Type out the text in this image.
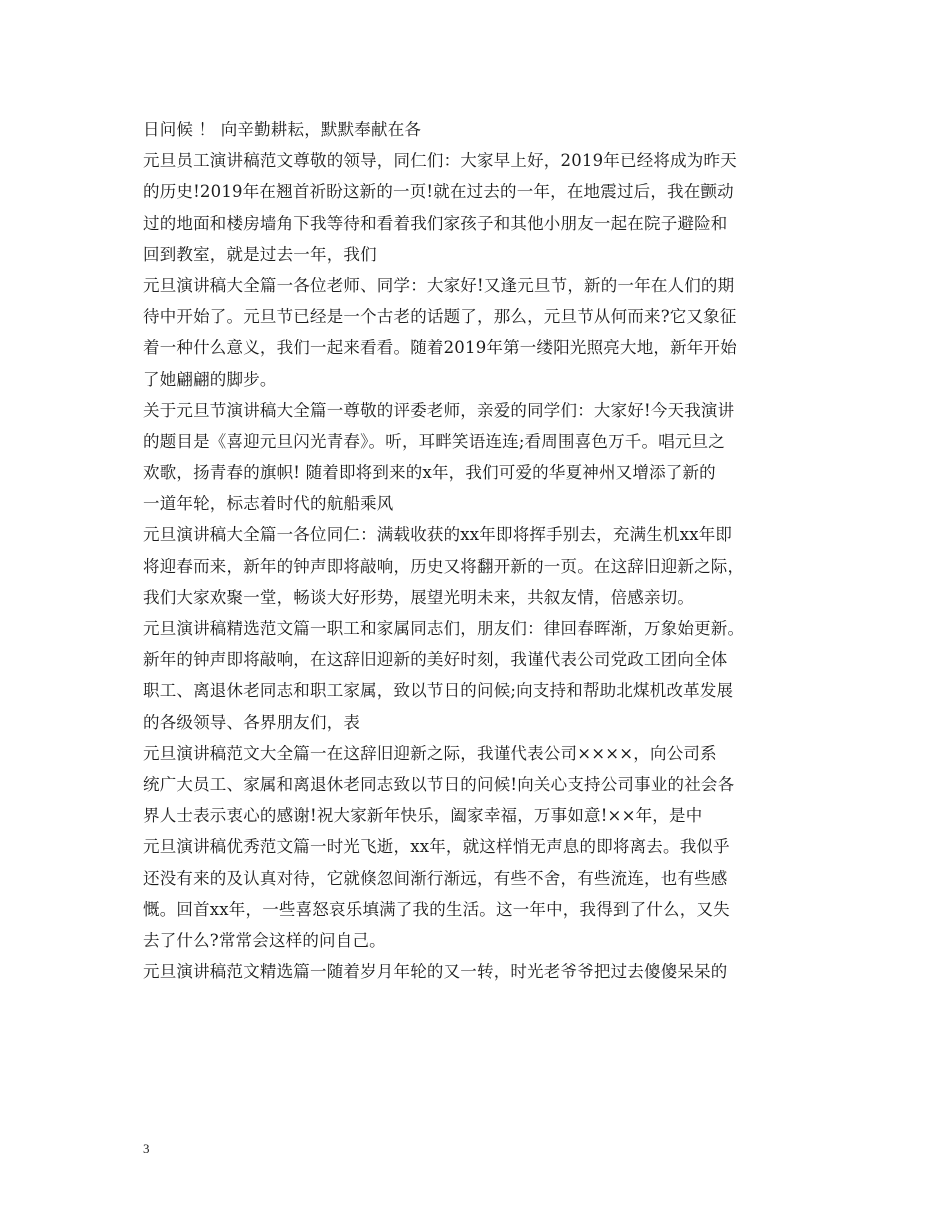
日问候 ！ 向辛勤耕耘，默默奉献在各
元旦员工演讲稿范文尊敬的领导，同仁们：大家早上好，2019年已经将成为昨天
的历史!2019年在翘首祈盼这新的一页!就在过去的一年，在地震过后，我在颤动
过的地面和楼房墙角下我等待和看着我们家孩子和其他小朋友一起在院子避险和
回到教室，就是过去一年，我们
元旦演讲稿大全篇一各位老师、同学：大家好!又逢元旦节，新的一年在人们的期
待中开始了。元旦节已经是一个古老的话题了，那么，元旦节从何而来?它又象征
着一种什么意义，我们一起来看看。随着2019年第一缕阳光照亮大地，新年开始
了她翩翩的脚步。
关于元旦节演讲稿大全篇一尊敬的评委老师，亲爱的同学们：大家好!今天我演讲
的题目是《喜迎元旦闪光青春》。听，耳畔笑语连连;看周围喜色万千。唱元旦之
欢歌，扬青春的旗帜! 随着即将到来的x年，我们可爱的华夏神州又增添了新的
一道年轮，标志着时代的航船乘风
元旦演讲稿大全篇一各位同仁：满载收获的xx年即将挥手别去，充满生机xx年即
将迎春而来，新年的钟声即将敲响，历史又将翻开新的一页。在这辞旧迎新之际，
我们大家欢聚一堂，畅谈大好形势，展望光明未来，共叙友情，倍感亲切。
元旦演讲稿精选范文篇一职工和家属同志们，朋友们：律回春晖渐，万象始更新。
新年的钟声即将敲响，在这辞旧迎新的美好时刻，我谨代表公司党政工团向全体
职工、离退休老同志和职工家属，致以节日的问候;向支持和帮助北煤机改革发展
的各级领导、各界朋友们，表
元旦演讲稿范文大全篇一在这辞旧迎新之际，我谨代表公司××××，向公司系
统广大员工、家属和离退休老同志致以节日的问候!向关心支持公司事业的社会各
界人士表示衷心的感谢!祝大家新年快乐，阖家幸福，万事如意!××年，是中
元旦演讲稿优秀范文篇一时光飞逝，xx年，就这样悄无声息的即将离去。我似乎
还没有来的及认真对待，它就倏忽间渐行渐远，有些不舍，有些流连，也有些感
慨。回首xx年，一些喜怒哀乐填满了我的生活。这一年中，我得到了什么，又失
去了什么?常常会这样的问自己。
元旦演讲稿范文精选篇一随着岁月年轮的又一转，时光老爷爷把过去傻傻呆呆的
3
